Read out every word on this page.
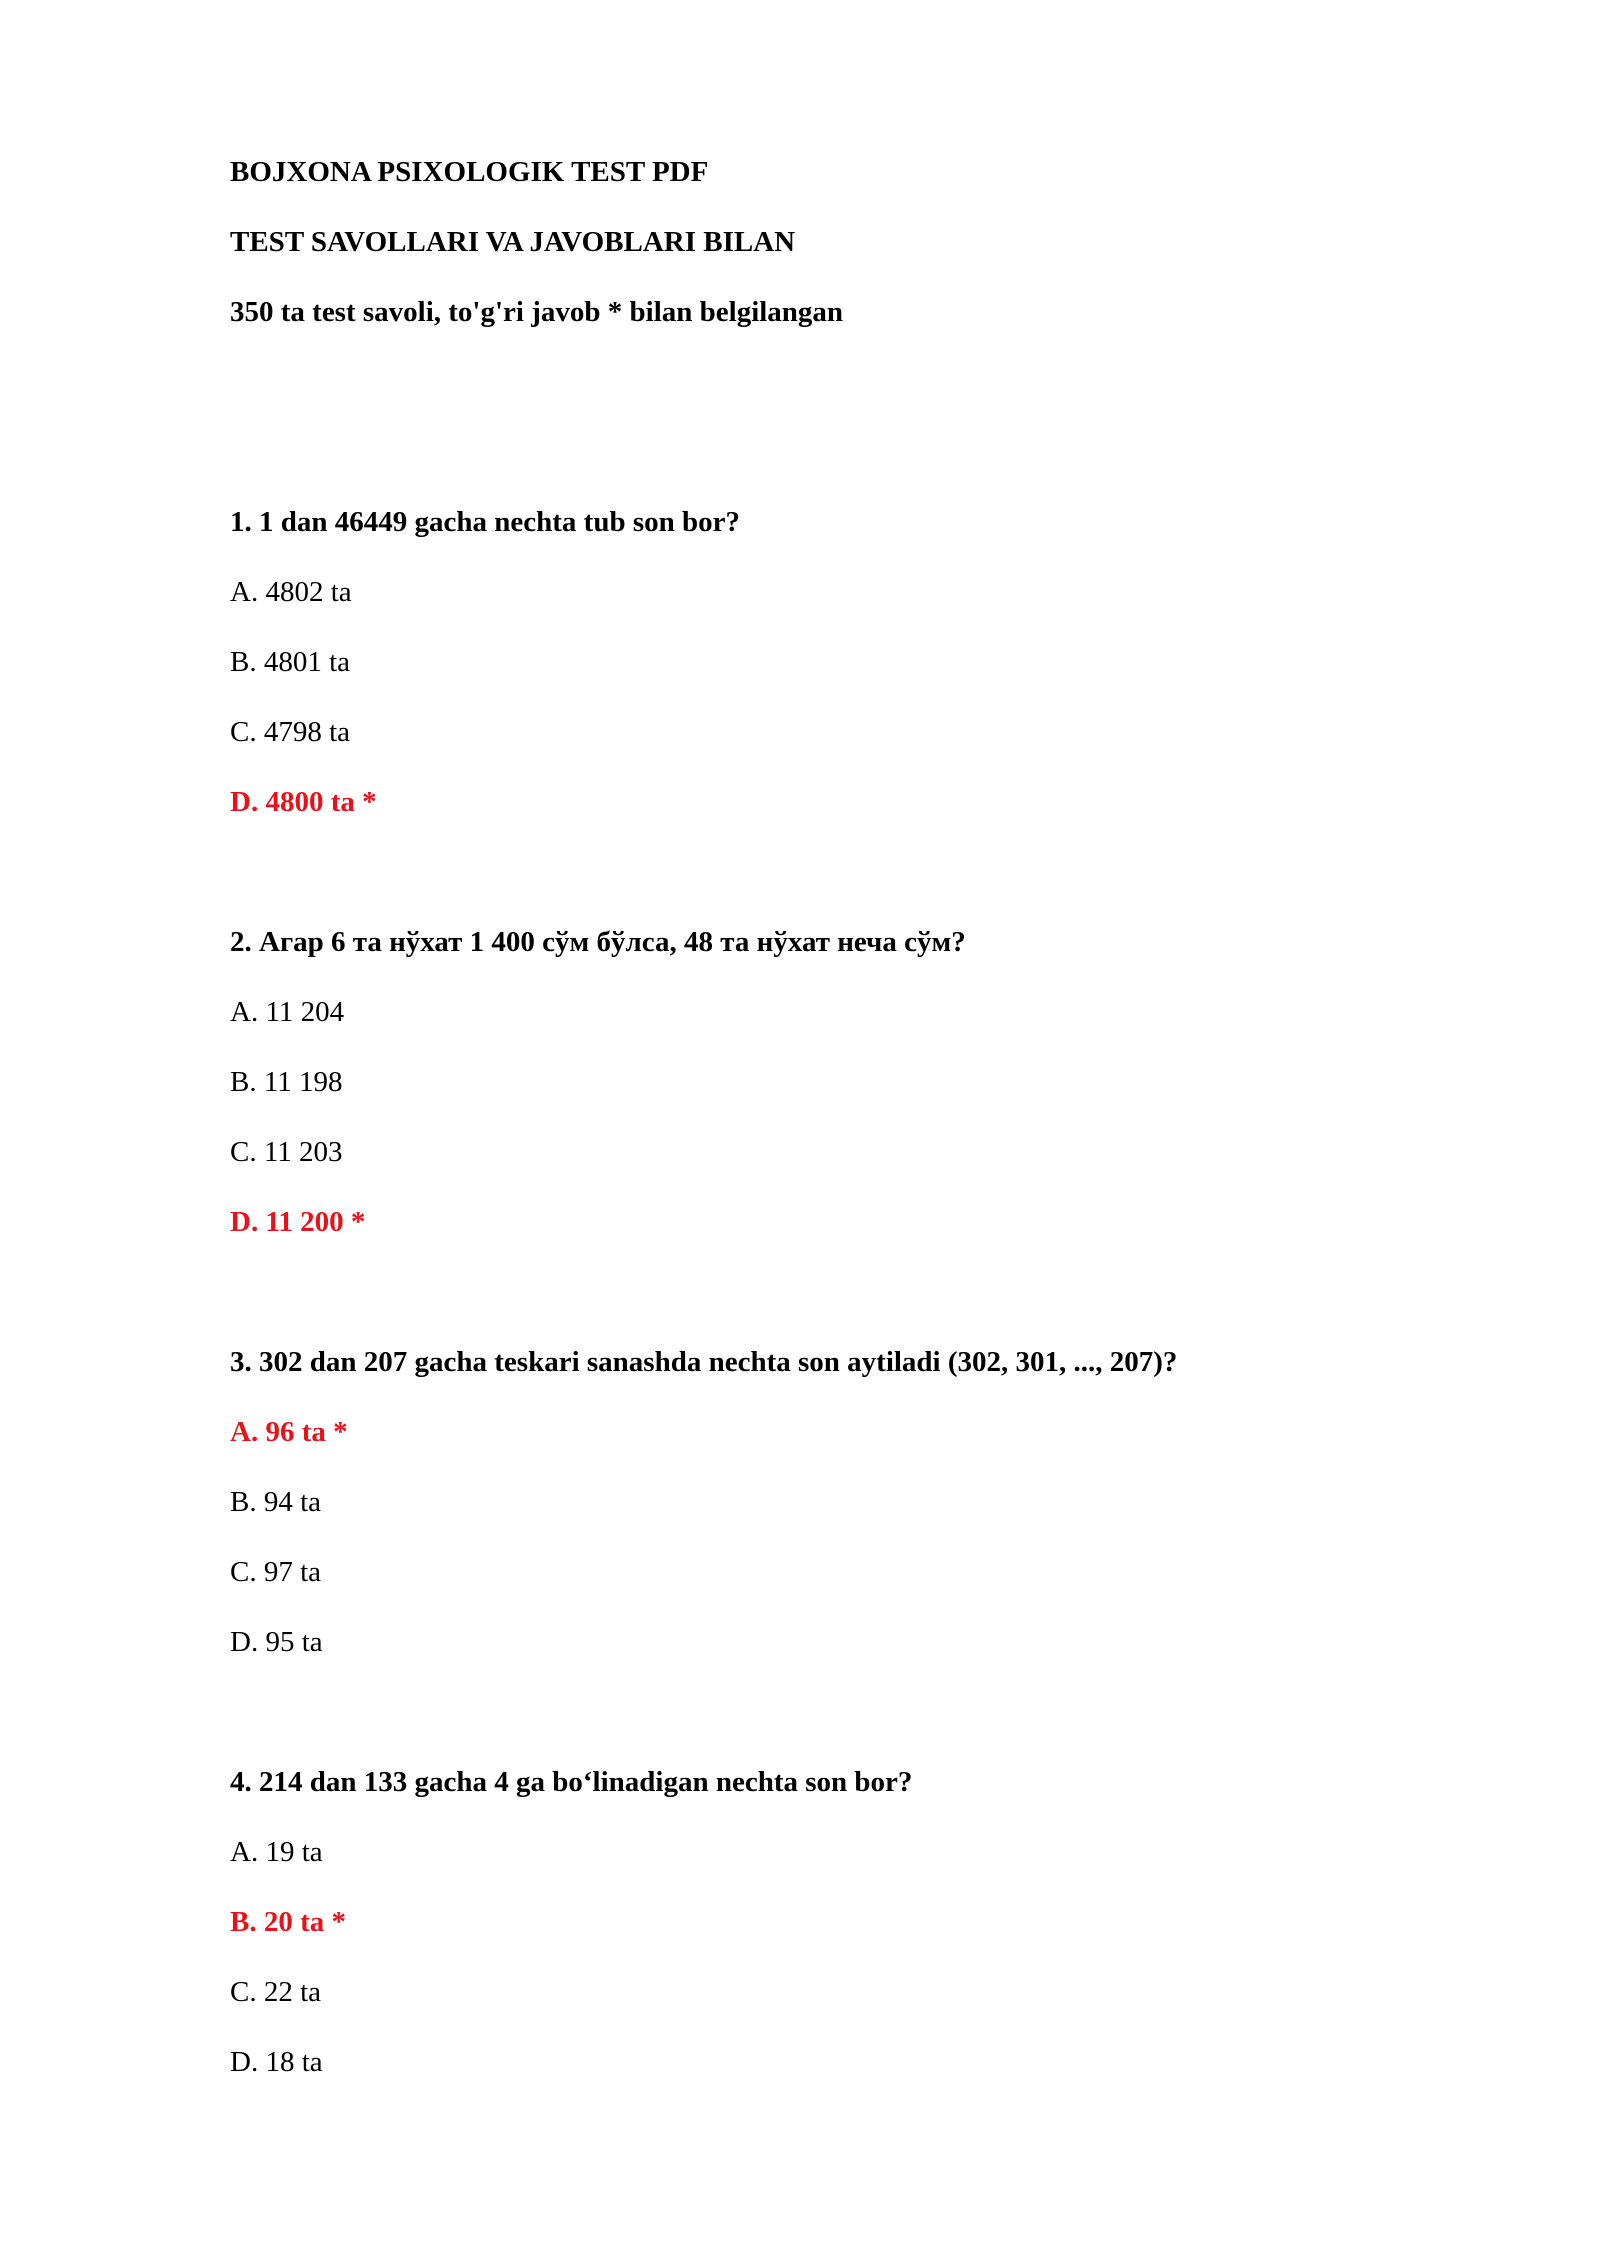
BOJXONA PSIXOLOGIK TEST PDF
TEST SAVOLLARI VA JAVOBLARI BILAN
350 ta test savoli, to'g'ri javob * bilan belgilangan
1. 1 dan 46449 gacha nechta tub son bor?
A. 4802 ta
B. 4801 ta
C. 4798 ta
D. 4800 ta *
2. Агар 6 та нўхат 1 400 сўм бўлса, 48 та нўхат неча сўм?
A. 11 204
B. 11 198
C. 11 203
D. 11 200 *
3. 302 dan 207 gacha teskari sanashda nechta son aytiladi (302, 301, ..., 207)?
A. 96 ta *
B. 94 ta
C. 97 ta
D. 95 ta
4. 214 dan 133 gacha 4 ga bo‘linadigan nechta son bor?
A. 19 ta
B. 20 ta *
C. 22 ta
D. 18 ta
